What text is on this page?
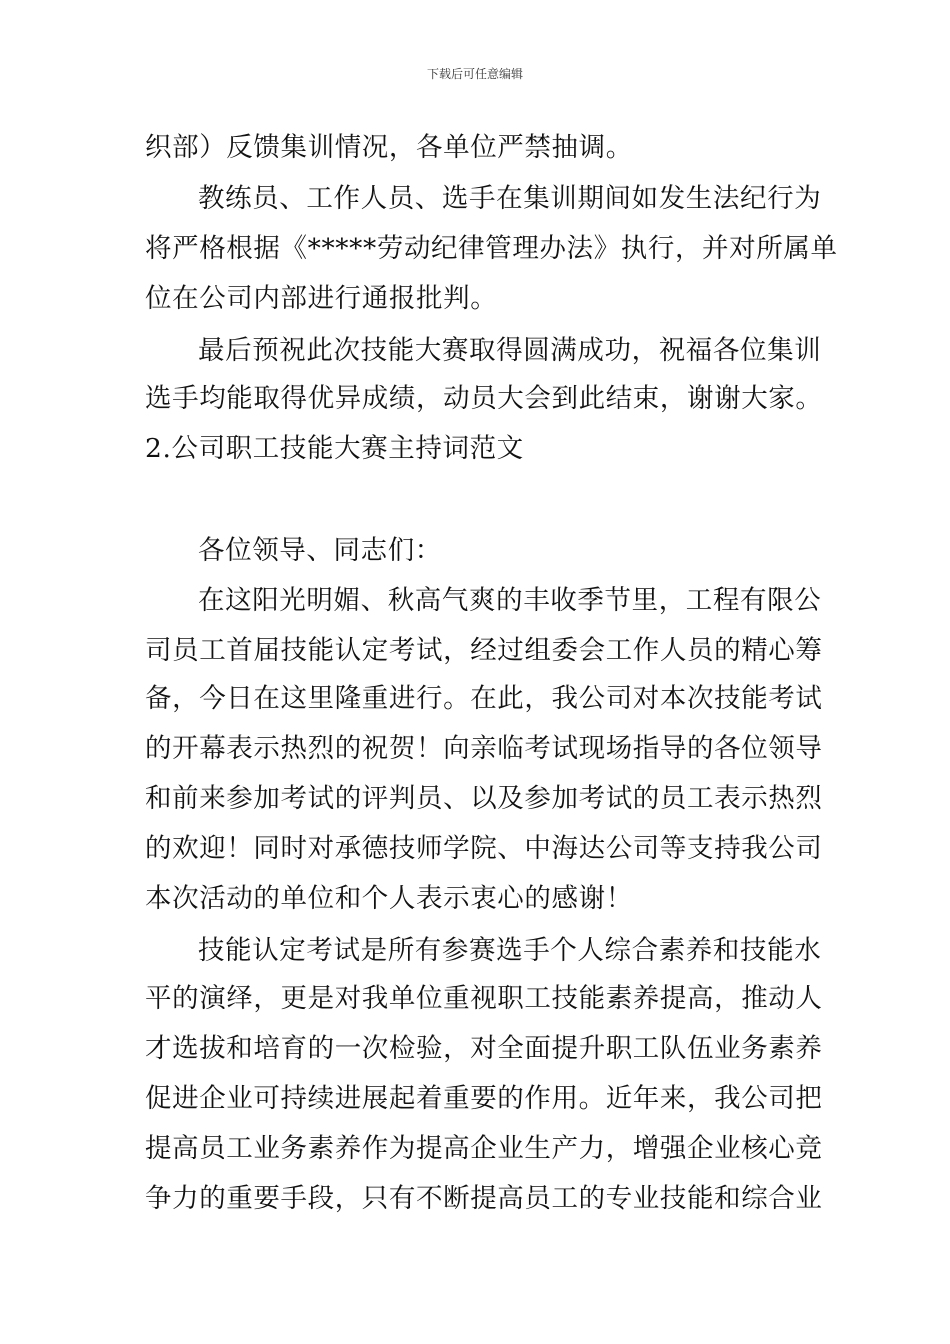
下载后可任意编辑
织部）反馈集训情况，各单位严禁抽调。
教练员、工作人员、选手在集训期间如发生法纪行为
将严格根据《*****劳动纪律管理办法》执行，并对所属单
位在公司内部进行通报批判。
最后预祝此次技能大赛取得圆满成功，祝福各位集训
选手均能取得优异成绩，动员大会到此结束，谢谢大家。
2.公司职工技能大赛主持词范文
各位领导、同志们：
在这阳光明媚、秋高气爽的丰收季节里，工程有限公
司员工首届技能认定考试，经过组委会工作人员的精心筹
备，今日在这里隆重进行。在此，我公司对本次技能考试
的开幕表示热烈的祝贺！向亲临考试现场指导的各位领导
和前来参加考试的评判员、以及参加考试的员工表示热烈
的欢迎！同时对承德技师学院、中海达公司等支持我公司
本次活动的单位和个人表示衷心的感谢！
技能认定考试是所有参赛选手个人综合素养和技能水
平的演绎，更是对我单位重视职工技能素养提高，推动人
才选拔和培育的一次检验，对全面提升职工队伍业务素养
促进企业可持续进展起着重要的作用。近年来，我公司把
提高员工业务素养作为提高企业生产力，增强企业核心竞
争力的重要手段，只有不断提高员工的专业技能和综合业
